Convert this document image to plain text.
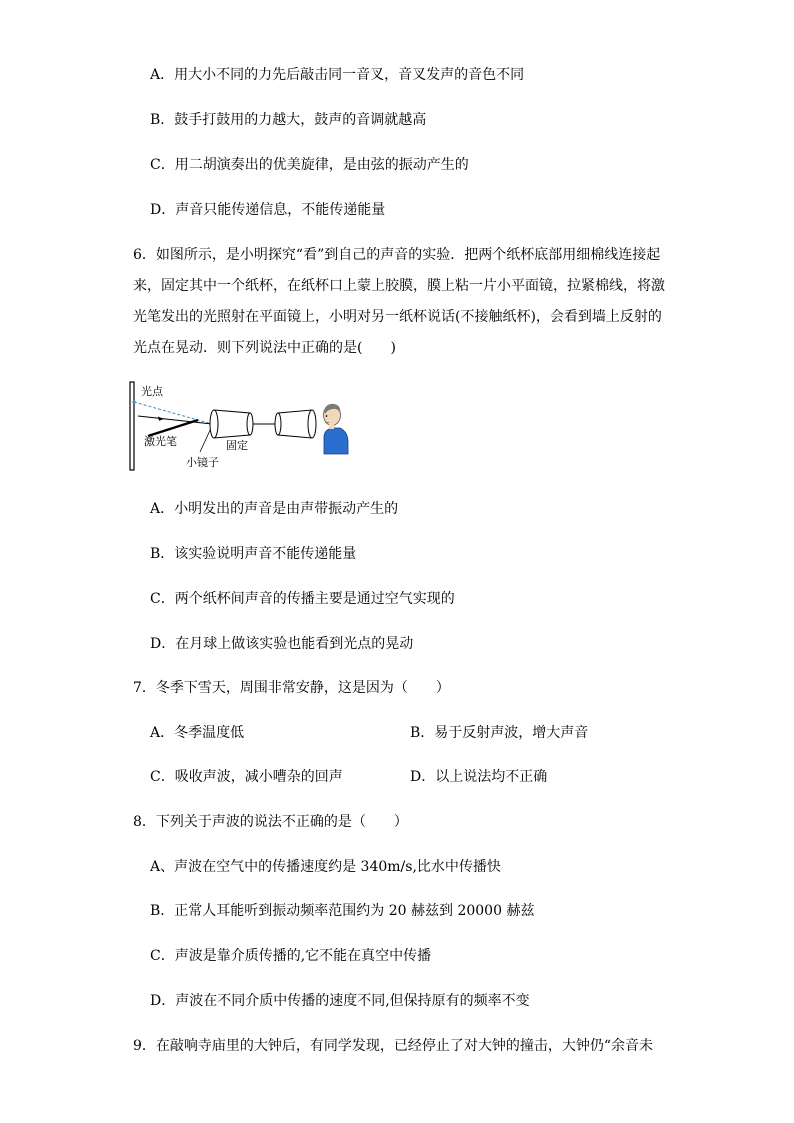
A．用大小不同的力先后敲击同一音叉，音叉发声的音色不同
B．鼓手打鼓用的力越大，鼓声的音调就越高
C．用二胡演奏出的优美旋律，是由弦的振动产生的
D．声音只能传递信息，不能传递能量
6．如图所示，是小明探究“看”到自己的声音的实验．把两个纸杯底部用细棉线连接起
来，固定其中一个纸杯，在纸杯口上蒙上胶膜，膜上粘一片小平面镜，拉紧棉线，将激
光笔发出的光照射在平面镜上，小明对另一纸杯说话(不接触纸杯)，会看到墙上反射的
光点在晃动．则下列说法中正确的是(　　)
光点
激光笔
小镜子
固定
A．小明发出的声音是由声带振动产生的
B．该实验说明声音不能传递能量
C．两个纸杯间声音的传播主要是通过空气实现的
D．在月球上做该实验也能看到光点的晃动
7．冬季下雪天，周围非常安静，这是因为（　　）
A．冬季温度低	B．易于反射声波，增大声音
C．吸收声波，减小嘈杂的回声	D．以上说法均不正确
8．下列关于声波的说法不正确的是（　　）
A、声波在空气中的传播速度约是 340m/s,比水中传播快
B．正常人耳能听到振动频率范围约为 20 赫兹到 20000 赫兹
C．声波是靠介质传播的,它不能在真空中传播
D．声波在不同介质中传播的速度不同,但保持原有的频率不变
9．在敲响寺庙里的大钟后，有同学发现，已经停止了对大钟的撞击，大钟仍“余音未
